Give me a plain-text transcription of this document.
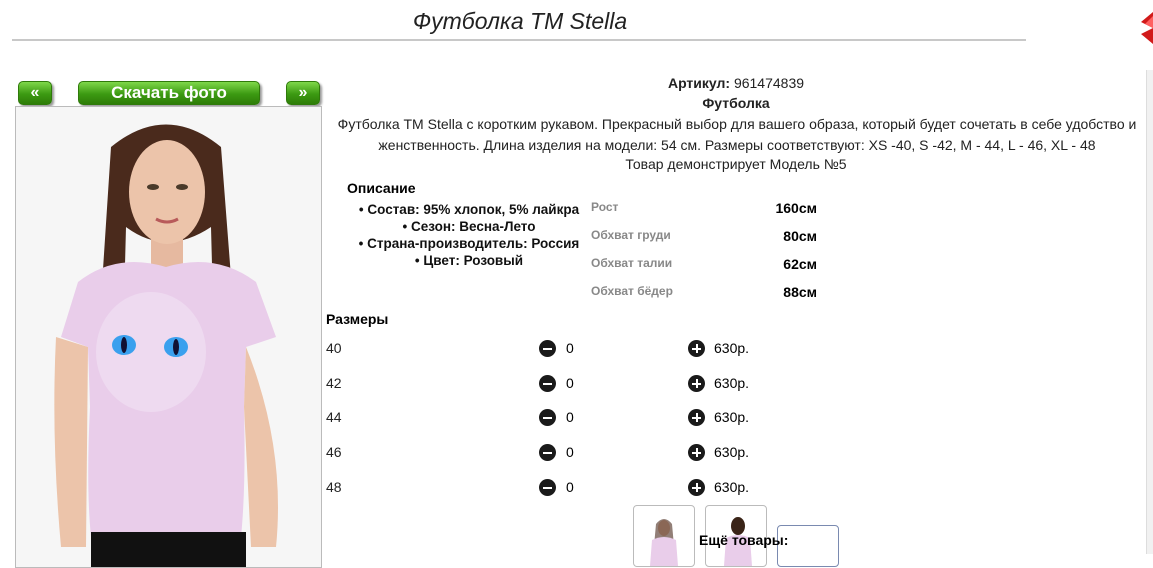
Футболка TM Stella
«	Скачать фото	»
Артикул: 961474839
Футболка
Футболка TM Stella с коротким рукавом. Прекрасный выбор для вашего образа, который будет сочетать в себе удобство и женственность. Длина изделия на модели: 54 см. Размеры соответствуют: XS -40, S -42, M - 44, L - 46, XL - 48
Товар демонстрирует Модель №5
Описание
• Состав: 95% хлопок, 5% лайкра
• Сезон: Весна-Лето
• Страна-производитель: Россия
• Цвет: Розовый
Рост	160см
Обхват груди	80см
Обхват талии	62см
Обхват бёдер	88см
Размеры
40	0	630р.
42	0	630р.
44	0	630р.
46	0	630р.
48	0	630р.
Ещё товары:
